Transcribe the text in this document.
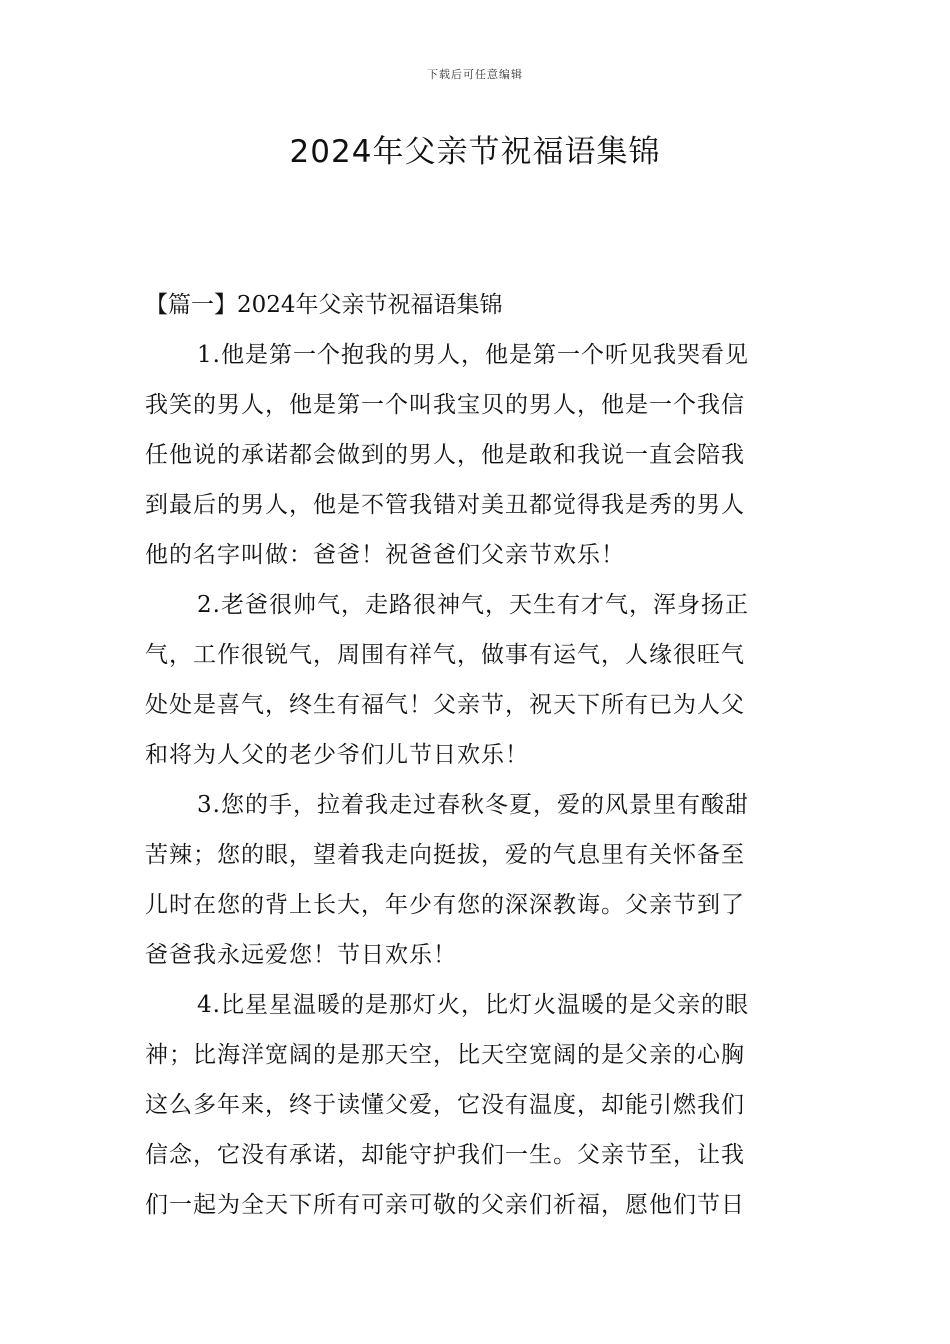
下载后可任意编辑
2024年父亲节祝福语集锦
【篇一】2024年父亲节祝福语集锦
1.他是第一个抱我的男人，他是第一个听见我哭看见
我笑的男人，他是第一个叫我宝贝的男人，他是一个我信
任他说的承诺都会做到的男人，他是敢和我说一直会陪我
到最后的男人，他是不管我错对美丑都觉得我是秀的男人
他的名字叫做：爸爸！祝爸爸们父亲节欢乐！
2.老爸很帅气，走路很神气，天生有才气，浑身扬正
气，工作很锐气，周围有祥气，做事有运气，人缘很旺气
处处是喜气，终生有福气！父亲节，祝天下所有已为人父
和将为人父的老少爷们儿节日欢乐！
3.您的手，拉着我走过春秋冬夏，爱的风景里有酸甜
苦辣；您的眼，望着我走向挺拔，爱的气息里有关怀备至
儿时在您的背上长大，年少有您的深深教诲。父亲节到了
爸爸我永远爱您！节日欢乐！
4.比星星温暖的是那灯火，比灯火温暖的是父亲的眼
神；比海洋宽阔的是那天空，比天空宽阔的是父亲的心胸
这么多年来，终于读懂父爱，它没有温度，却能引燃我们
信念，它没有承诺，却能守护我们一生。父亲节至，让我
们一起为全天下所有可亲可敬的父亲们祈福，愿他们节日
